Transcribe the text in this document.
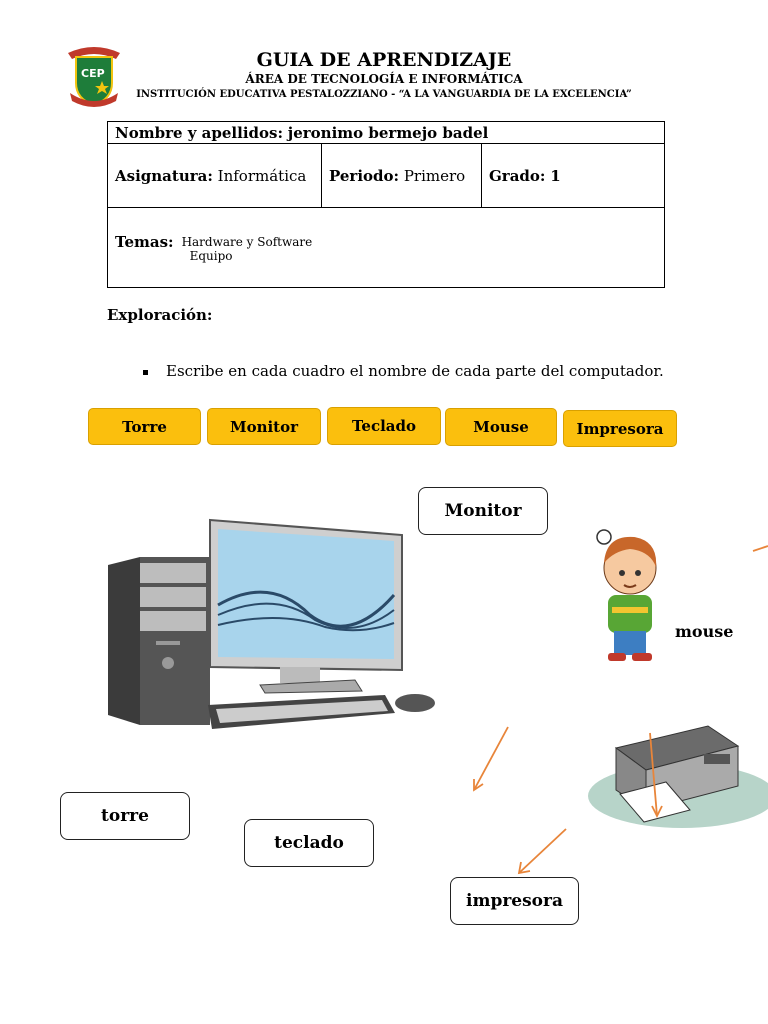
CEP
GUIA DE APRENDIZAJE
ÁREA DE TECNOLOGÍA E INFORMÁTICA
INSTITUCIÓN EDUCATIVA PESTALOZZIANO - “A LA VANGUARDIA DE LA EXCELENCIA”
Nombre y apellidos: jeronimo bermejo badel
Asignatura: Informática	Periodo: Primero	Grado: 1

Temas: Hardware y Software
Equipo
Exploración:
Escribe en cada cuadro el nombre de cada parte del computador.
Torre	Monitor	Teclado	Mouse	Impresora
Monitor
mouse
torre
teclado
impresora
